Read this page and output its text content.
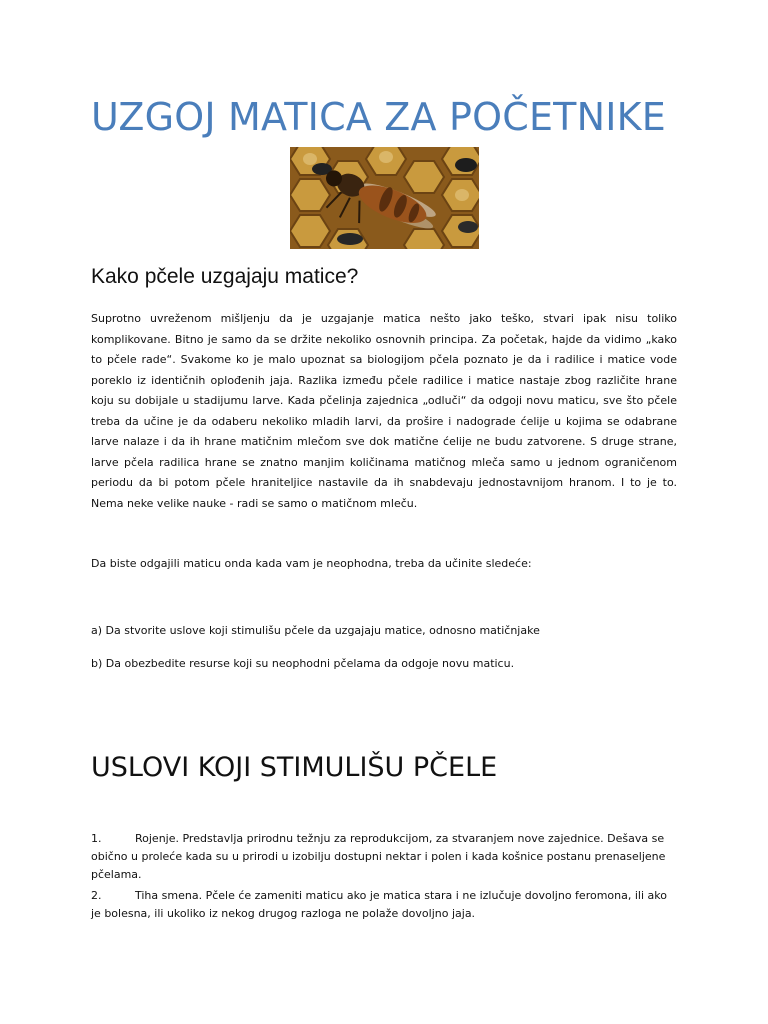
UZGOJ MATICA ZA POČETNIKE
Kako pčele uzgajaju matice?

Suprotno uvreženom mišljenju da je uzgajanje matica nešto jako teško, stvari ipak nisu toliko komplikovane. Bitno je samo da se držite nekoliko osnovnih principa. Za početak, hajde da vidimo „kako to pčele rade“. Svakome ko je malo upoznat sa biologijom pčela poznato je da i radilice i matice vode poreklo iz identičnih oplođenih jaja. Razlika između pčele radilice i matice nastaje zbog različite hrane koju su dobijale u stadijumu larve. Kada pčelinja zajednica „odluči“ da odgoji novu maticu, sve što pčele treba da učine je da odaberu nekoliko mladih larvi, da prošire i nadograde ćelije u kojima se odabrane larve nalaze i da ih hrane matičnim mlečom sve dok matične ćelije ne budu zatvorene. S druge strane, larve pčela radilica hrane se znatno manjim količinama matičnog mleča samo u jednom ograničenom periodu da bi potom pčele hraniteljice nastavile da ih snabdevaju jednostavnijom hranom. I to je to. Nema neke velike nauke - radi se samo o matičnom mleču.

Da biste odgajili maticu onda kada vam je neophodna, treba da učinite sledeće:

a) Da stvorite uslove koji stimulišu pčele da uzgajaju matice, odnosno matičnjake

b) Da obezbedite resurse koji su neophodni pčelama da odgoje novu maticu.

USLOVI KOJI STIMULIŠU PČELE
1.	Rojenje. Predstavlja prirodnu težnju za reprodukcijom, za stvaranjem nove zajednice. Dešava se obično u proleće kada su u prirodi u izobilju dostupni nektar i polen i kada košnice postanu prenaseljene pčelama.
2.	Tiha smena. Pčele će zameniti maticu ako je matica stara i ne izlučuje dovoljno feromona, ili ako je bolesna, ili ukoliko iz nekog drugog razloga ne polaže dovoljno jaja.
